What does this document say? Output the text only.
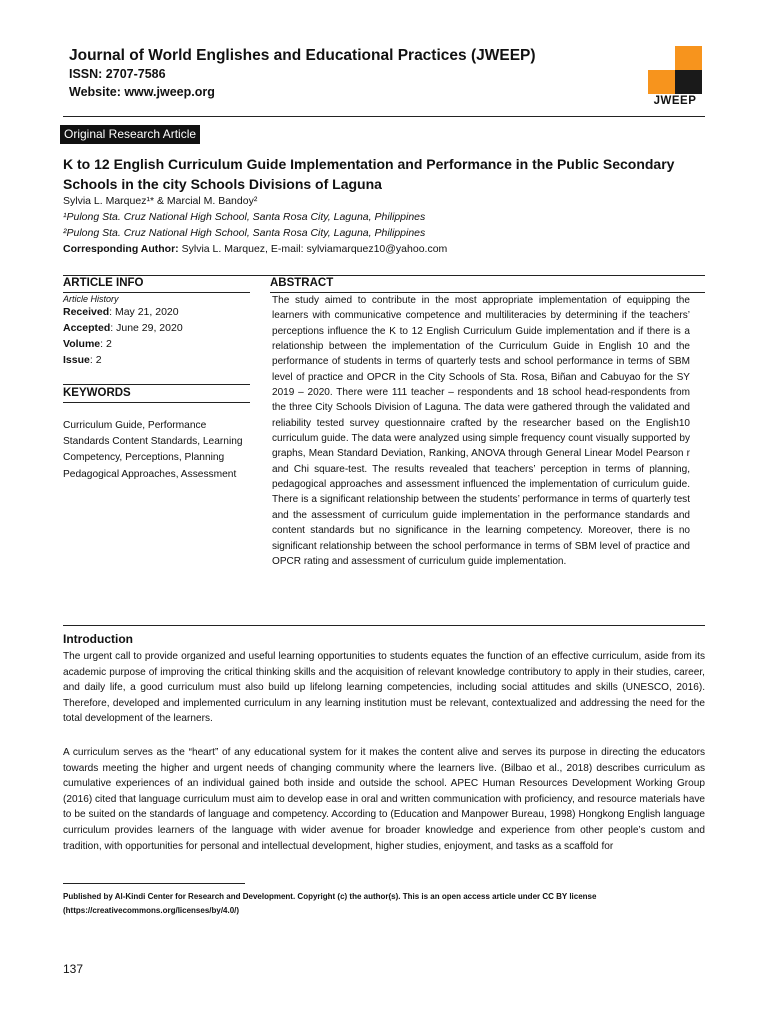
Journal of World Englishes and Educational Practices (JWEEP)
ISSN: 2707-7586
Website: www.jweep.org
JWEEP
Original Research Article
K to 12 English Curriculum Guide Implementation and Performance in the Public Secondary Schools in the city Schools Divisions of Laguna
Sylvia L. Marquez¹* & Marcial M. Bandoy²
¹Pulong Sta. Cruz National High School, Santa Rosa City, Laguna, Philippines
²Pulong Sta. Cruz National High School, Santa Rosa City, Laguna, Philippines
Corresponding Author: Sylvia L. Marquez, E-mail: sylviamarquez10@yahoo.com
ARTICLE INFO	ABSTRACT
Article History
Received: May 21, 2020
Accepted: June 29, 2020
Volume: 2
Issue: 2
KEYWORDS
Curriculum Guide, Performance Standards Content Standards, Learning Competency, Perceptions, Planning Pedagogical Approaches, Assessment
The study aimed to contribute in the most appropriate implementation of equipping the learners with communicative competence and multiliteracies by determining if the teachers’ perceptions influence the K to 12 English Curriculum Guide implementation and if there is a relationship between the implementation of the Curriculum Guide in English 10 and the performance of students in terms of quarterly tests and school performance in terms of SBM level of practice and OPCR in the City Schools of Sta. Rosa, Biñan and Cabuyao for the SY 2019 – 2020. There were 111 teacher – respondents and 18 school head-respondents from the three City Schools Division of Laguna. The data were gathered through the validated and reliability tested survey questionnaire crafted by the researcher based on the English10 curriculum guide. The data were analyzed using simple frequency count visually supported by graphs, Mean Standard Deviation, Ranking, ANOVA through General Linear Model Pearson r and Chi square-test. The results revealed that teachers’ perception in terms of planning, pedagogical approaches and assessment influenced the implementation of curriculum guide. There is a significant relationship between the students’ performance in terms of quarterly test and the assessment of curriculum guide implementation in the performance standards and content standards but no significance in the learning competency. Moreover, there is no significant relationship between the school performance in terms of SBM level of practice and OPCR rating and assessment of curriculum guide implementation.
Introduction
The urgent call to provide organized and useful learning opportunities to students equates the function of an effective curriculum, aside from its academic purpose of improving the critical thinking skills and the acquisition of relevant knowledge contributory to apply in their studies, career, and daily life, a good curriculum must also build up lifelong learning competencies, including social attitudes and skills (UNESCO, 2016). Therefore, developed and implemented curriculum in any learning institution must be relevant, contextualized and addressing the need for the total development of the learners.
A curriculum serves as the “heart” of any educational system for it makes the content alive and serves its purpose in directing the educators towards meeting the higher and urgent needs of changing community where the learners live. (Bilbao et al., 2018) describes curriculum as cumulative experiences of an individual gained both inside and outside the school. APEC Human Resources Development Working Group (2016) cited that language curriculum must aim to develop ease in oral and written communication with proficiency, and resource materials have to be suited on the standards of language and competency. According to (Education and Manpower Bureau, 1998) Hongkong English language curriculum provides learners of the language with wider avenue for broader knowledge and experience from other people’s custom and tradition, with opportunities for personal and intellectual development, higher studies, enjoyment, and tasks as a scaffold for
Published by Al-Kindi Center for Research and Development. Copyright (c) the author(s). This is an open access article under CC BY license (https://creativecommons.org/licenses/by/4.0/)
137
